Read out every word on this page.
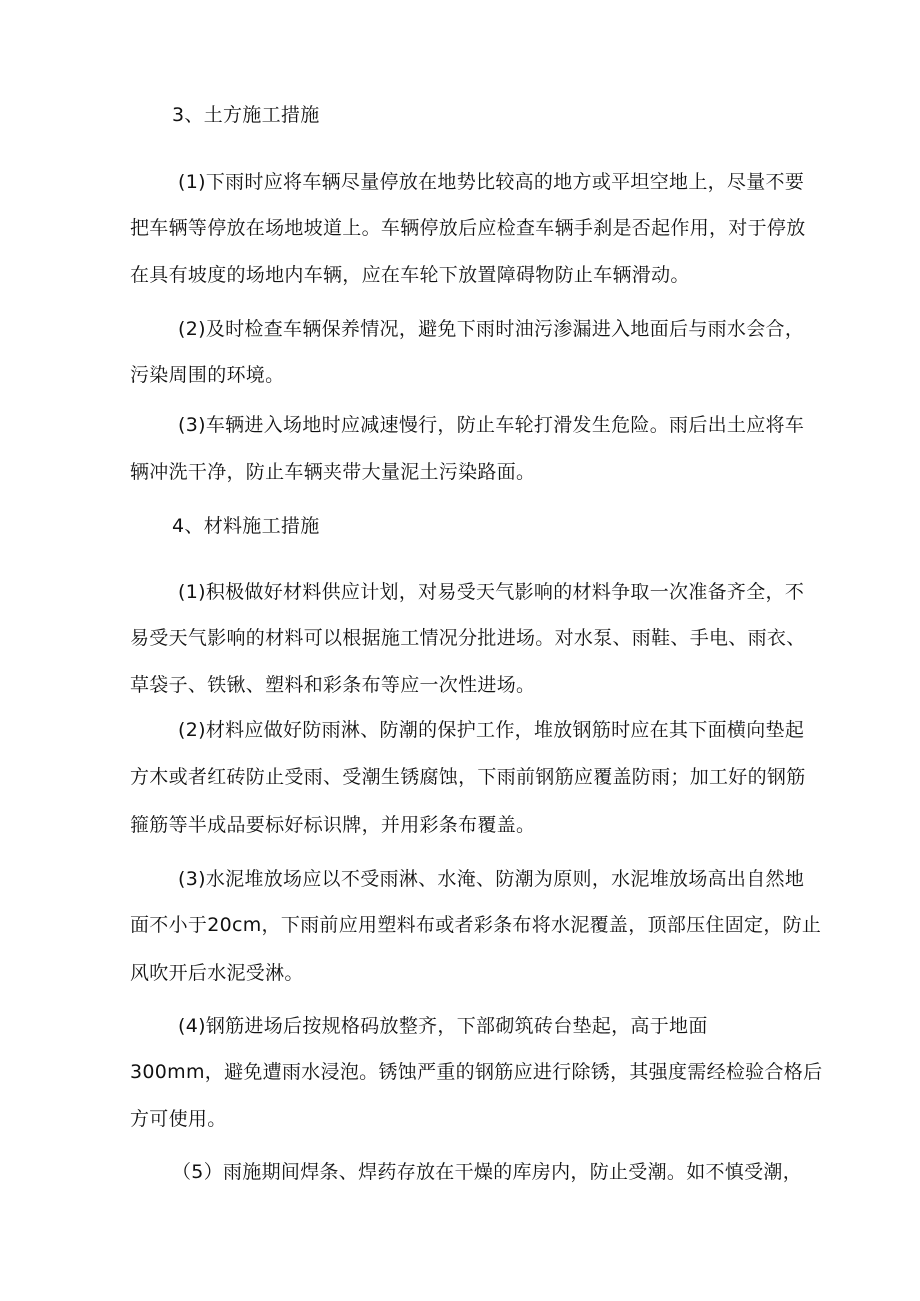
3、土方施工措施
(1)下雨时应将车辆尽量停放在地势比较高的地方或平坦空地上，尽量不要
把车辆等停放在场地坡道上。车辆停放后应检查车辆手刹是否起作用，对于停放
在具有坡度的场地内车辆，应在车轮下放置障碍物防止车辆滑动。
(2)及时检查车辆保养情况，避免下雨时油污渗漏进入地面后与雨水会合，
污染周围的环境。
(3)车辆进入场地时应减速慢行，防止车轮打滑发生危险。雨后出土应将车
辆冲洗干净，防止车辆夹带大量泥土污染路面。
4、材料施工措施
(1)积极做好材料供应计划，对易受天气影响的材料争取一次准备齐全，不
易受天气影响的材料可以根据施工情况分批进场。对水泵、雨鞋、手电、雨衣、
草袋子、铁锹、塑料和彩条布等应一次性进场。
(2)材料应做好防雨淋、防潮的保护工作，堆放钢筋时应在其下面横向垫起
方木或者红砖防止受雨、受潮生锈腐蚀，下雨前钢筋应覆盖防雨；加工好的钢筋
箍筋等半成品要标好标识牌，并用彩条布覆盖。
(3)水泥堆放场应以不受雨淋、水淹、防潮为原则，水泥堆放场高出自然地
面不小于20cm，下雨前应用塑料布或者彩条布将水泥覆盖，顶部压住固定，防止
风吹开后水泥受淋。
(4)钢筋进场后按规格码放整齐，下部砌筑砖台垫起，高于地面
300mm，避免遭雨水浸泡。锈蚀严重的钢筋应进行除锈，其强度需经检验合格后
方可使用。
（5）雨施期间焊条、焊药存放在干燥的库房内，防止受潮。如不慎受潮，
